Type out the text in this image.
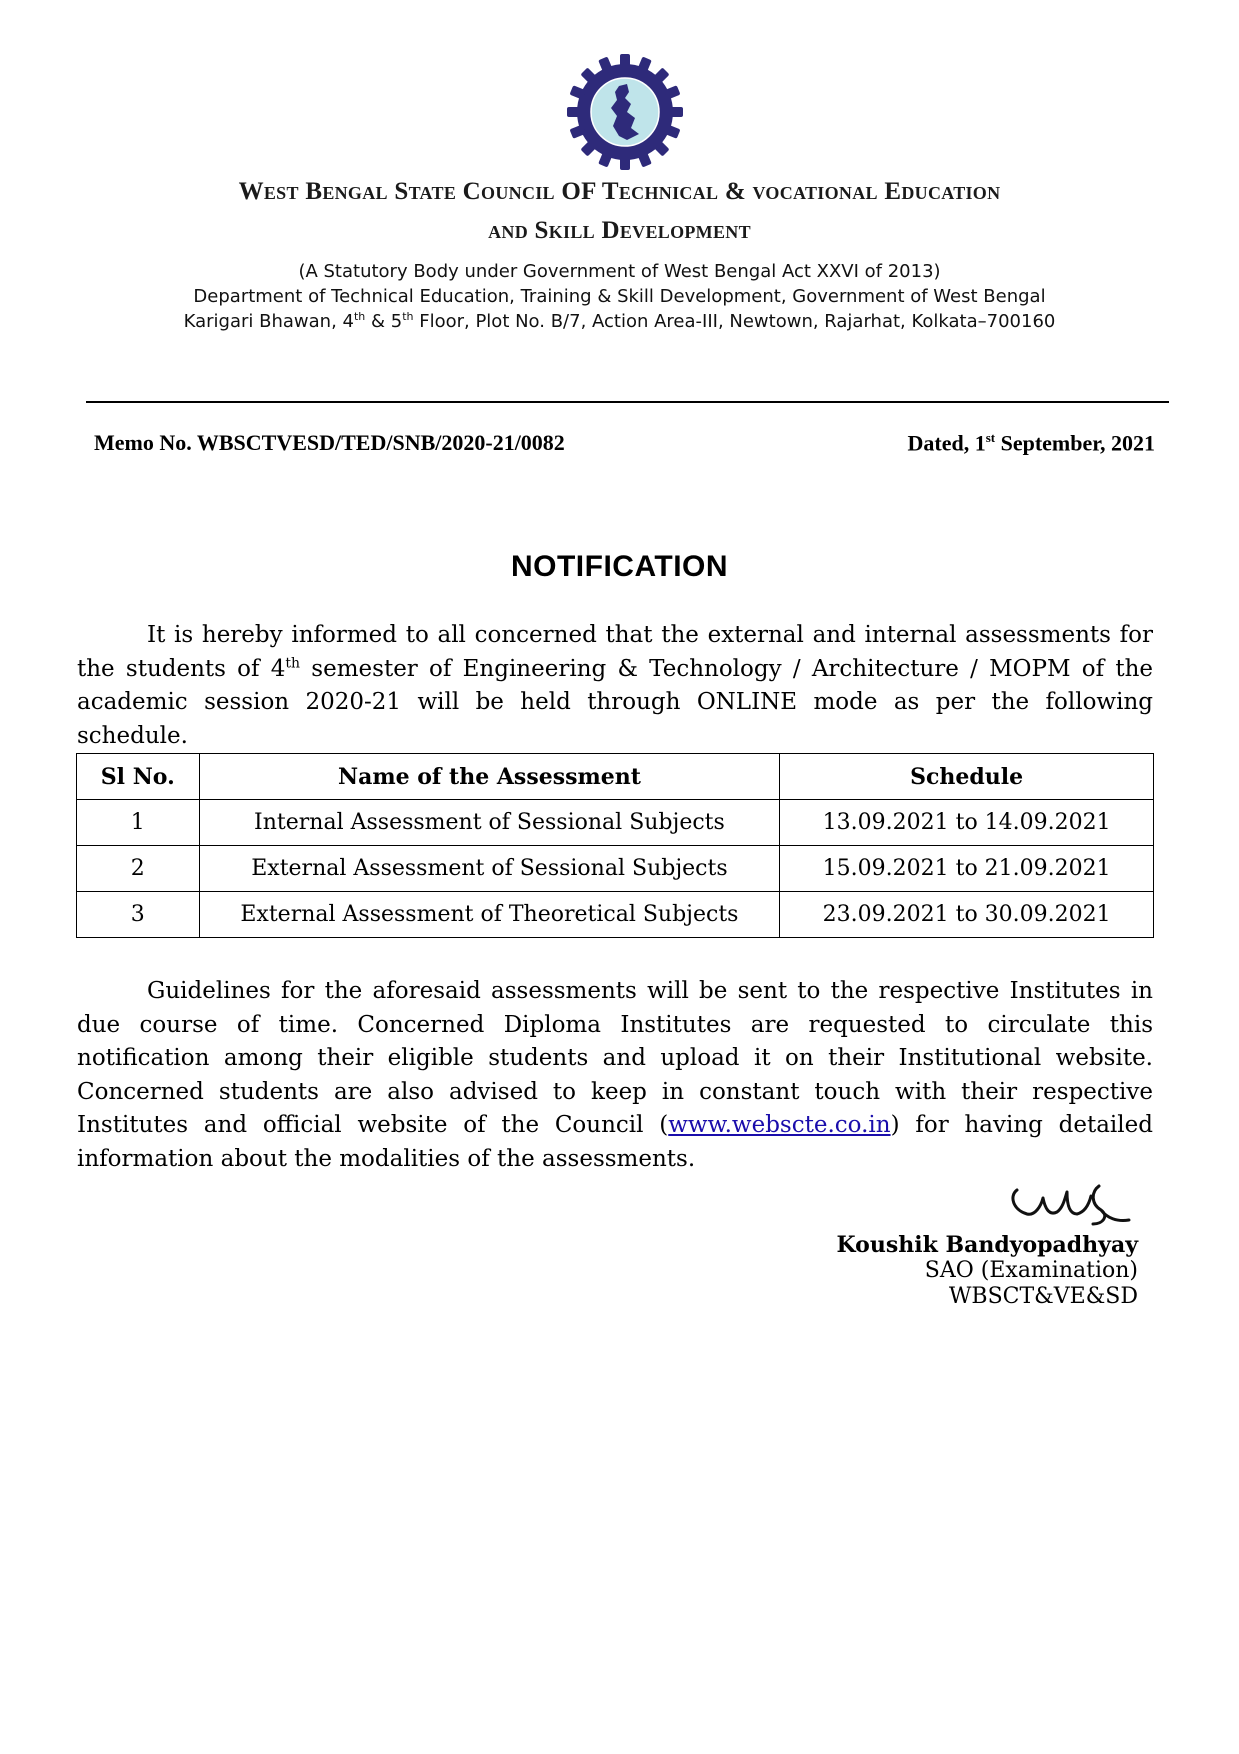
West Bengal State Council OF Technical & vocational Education
and Skill Development
(A Statutory Body under Government of West Bengal Act XXVI of 2013)
Department of Technical Education, Training & Skill Development, Government of West Bengal
Karigari Bhawan, 4th & 5th Floor, Plot No. B/7, Action Area-III, Newtown, Rajarhat, Kolkata–700160
Memo No. WBSCTVESD/TED/SNB/2020-21/0082	Dated, 1st September, 2021
NOTIFICATION
It is hereby informed to all concerned that the external and internal assessments for the students of 4th semester of Engineering & Technology / Architecture / MOPM of the academic session 2020-21 will be held through ONLINE mode as per the following schedule.
Sl No.	Name of the Assessment	Schedule
1	Internal Assessment of Sessional Subjects	13.09.2021 to 14.09.2021
2	External Assessment of Sessional Subjects	15.09.2021 to 21.09.2021
3	External Assessment of Theoretical Subjects	23.09.2021 to 30.09.2021
Guidelines for the aforesaid assessments will be sent to the respective Institutes in due course of time. Concerned Diploma Institutes are requested to circulate this notification among their eligible students and upload it on their Institutional website. Concerned students are also advised to keep in constant touch with their respective Institutes and official website of the Council (www.webscte.co.in) for having detailed information about the modalities of the assessments.
Koushik Bandyopadhyay
SAO (Examination)
WBSCT&VE&SD
